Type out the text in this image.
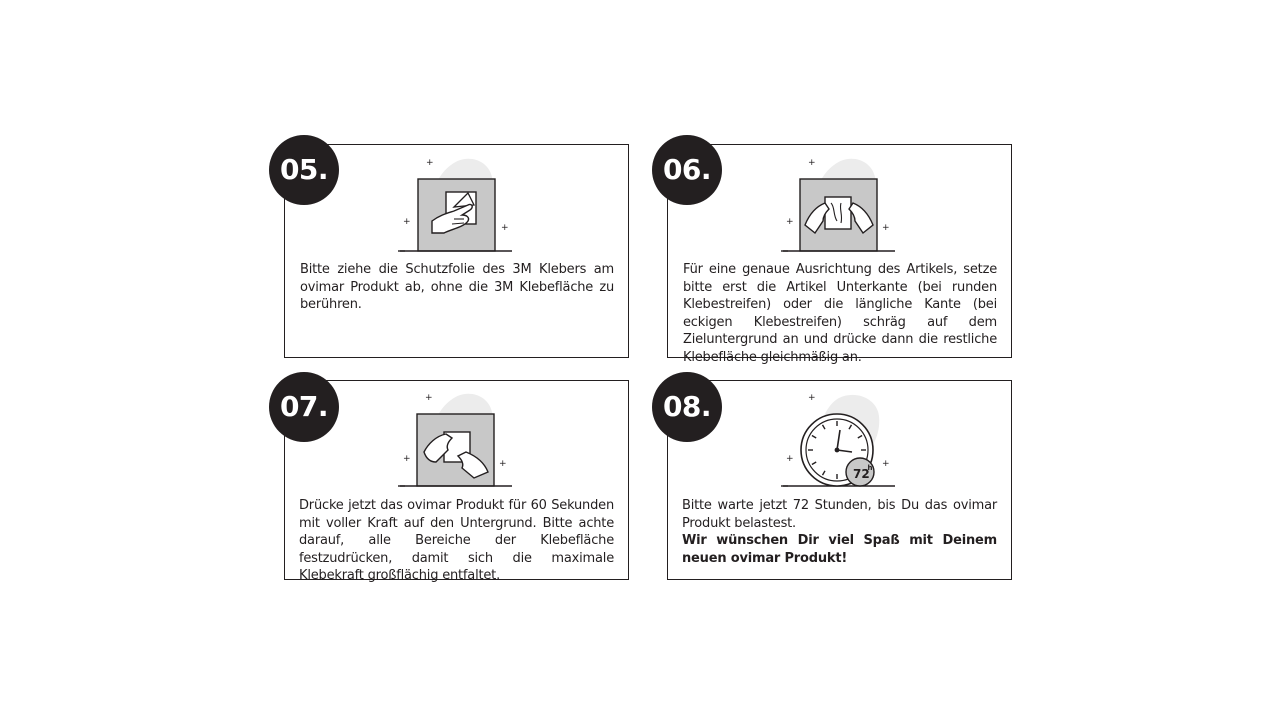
05.	+
+
+

Bitte ziehe die Schutzfolie des 3M Klebers am ovimar Produkt ab, ohne die 3M Klebefläche zu berühren.

06.	+
+
+

Für eine genaue Ausrichtung des Artikels, setze bitte erst die Artikel Unterkante (bei runden Klebestreifen) oder die längliche Kante (bei eckigen Klebestreifen) schräg auf dem Zieluntergrund an und drücke dann die restliche Klebefläche gleichmäßig an.

07.	+
+	+

Drücke jetzt das ovimar Produkt für 60 Sekunden mit voller Kraft auf den Untergrund. Bitte achte darauf, alle Bereiche der Klebefläche festzudrücken, damit sich die maximale Klebekraft großflächig entfaltet.

08.	+
+	+
72
h

Bitte warte jetzt 72 Stunden, bis Du das ovimar Produkt belastest.

Wir wünschen Dir viel Spaß mit Deinem neuen ovimar Produkt!
